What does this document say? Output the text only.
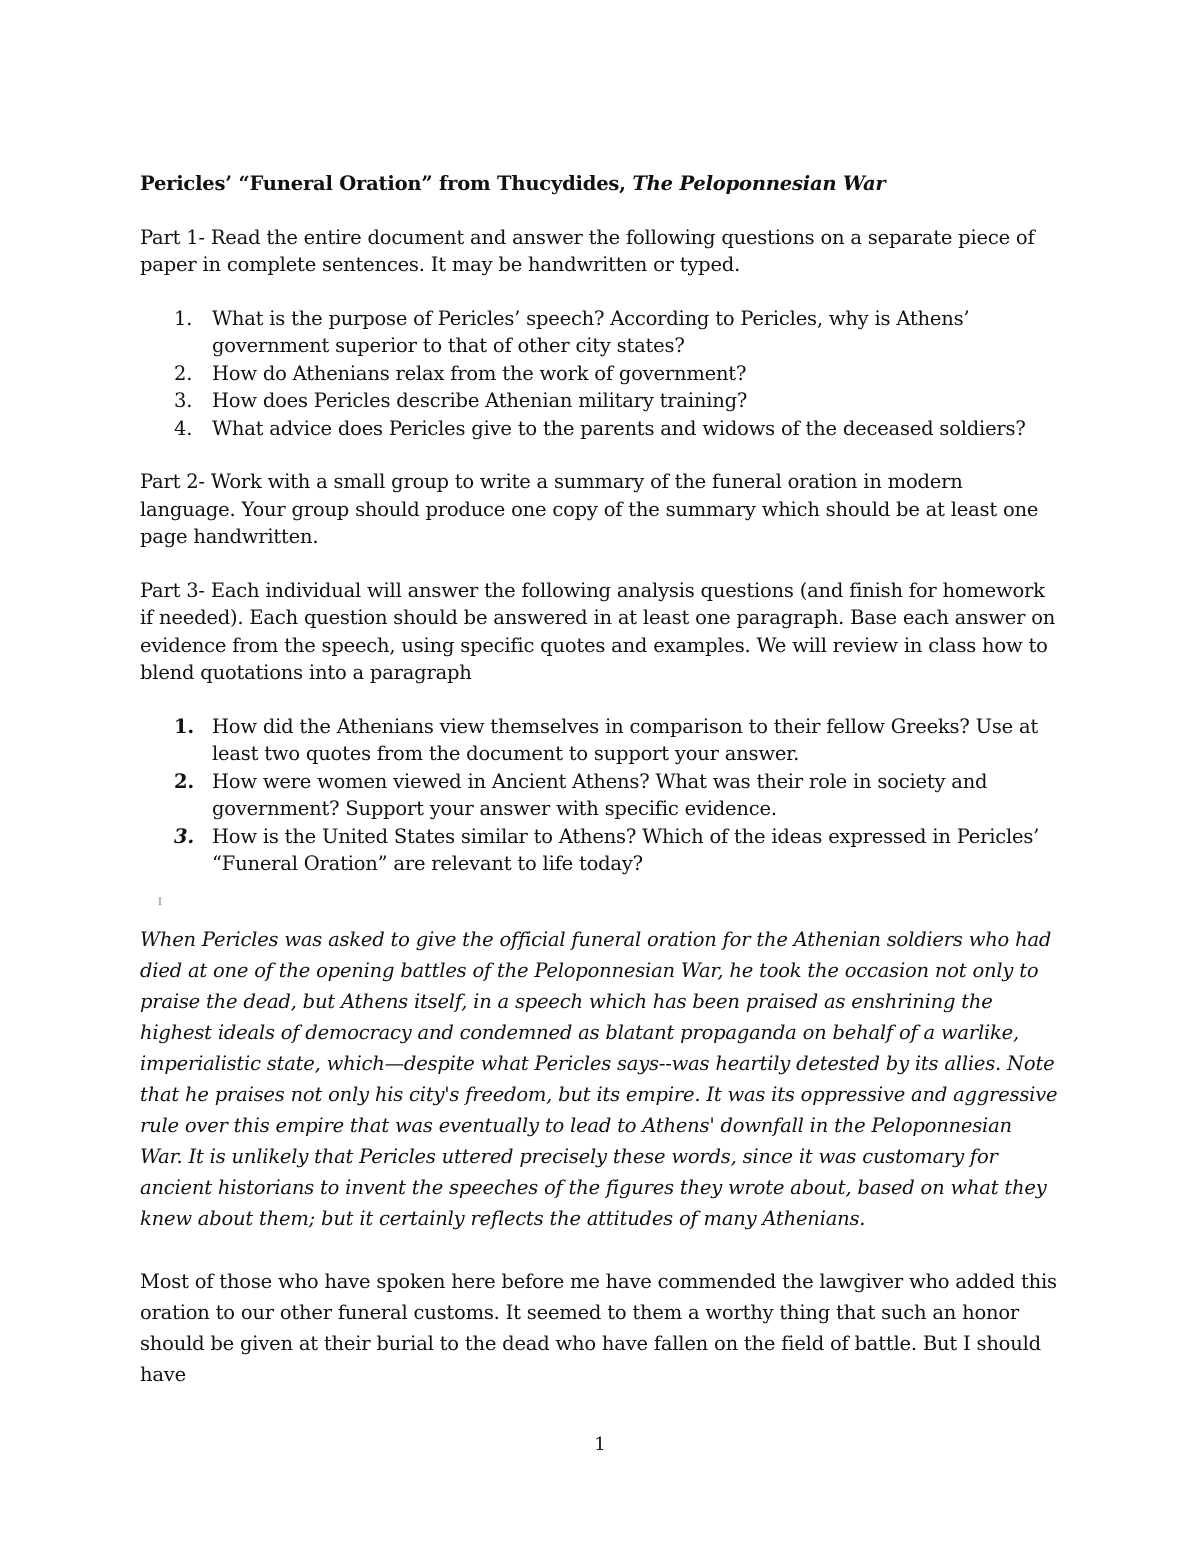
Pericles’ “Funeral Oration” from Thucydides, The Peloponnesian War

Part 1- Read the entire document and answer the following questions on a separate piece of paper in complete sentences. It may be handwritten or typed.

1. What is the purpose of Pericles’ speech? According to Pericles, why is Athens’ government superior to that of other city states?
2. How do Athenians relax from the work of government?
3. How does Pericles describe Athenian military training?
4. What advice does Pericles give to the parents and widows of the deceased soldiers?

Part 2- Work with a small group to write a summary of the funeral oration in modern language. Your group should produce one copy of the summary which should be at least one page handwritten.

Part 3- Each individual will answer the following analysis questions (and finish for homework if needed). Each question should be answered in at least one paragraph. Base each answer on evidence from the speech, using specific quotes and examples. We will review in class how to blend quotations into a paragraph

1. How did the Athenians view themselves in comparison to their fellow Greeks? Use at least two quotes from the document to support your answer.
2. How were women viewed in Ancient Athens? What was their role in society and government? Support your answer with specific evidence.
3. How is the United States similar to Athens? Which of the ideas expressed in Pericles’ “Funeral Oration” are relevant to life today?
I

When Pericles was asked to give the official funeral oration for the Athenian soldiers who had died at one of the opening battles of the Peloponnesian War, he took the occasion not only to praise the dead, but Athens itself, in a speech which has been praised as enshrining the highest ideals of democracy and condemned as blatant propaganda on behalf of a warlike, imperialistic state, which—despite what Pericles says--was heartily detested by its allies. Note that he praises not only his city's freedom, but its empire. It was its oppressive and aggressive rule over this empire that was eventually to lead to Athens' downfall in the Peloponnesian War. It is unlikely that Pericles uttered precisely these words, since it was customary for ancient historians to invent the speeches of the figures they wrote about, based on what they knew about them; but it certainly reflects the attitudes of many Athenians.

Most of those who have spoken here before me have commended the lawgiver who added this oration to our other funeral customs. It seemed to them a worthy thing that such an honor should be given at their burial to the dead who have fallen on the field of battle. But I should have

1
